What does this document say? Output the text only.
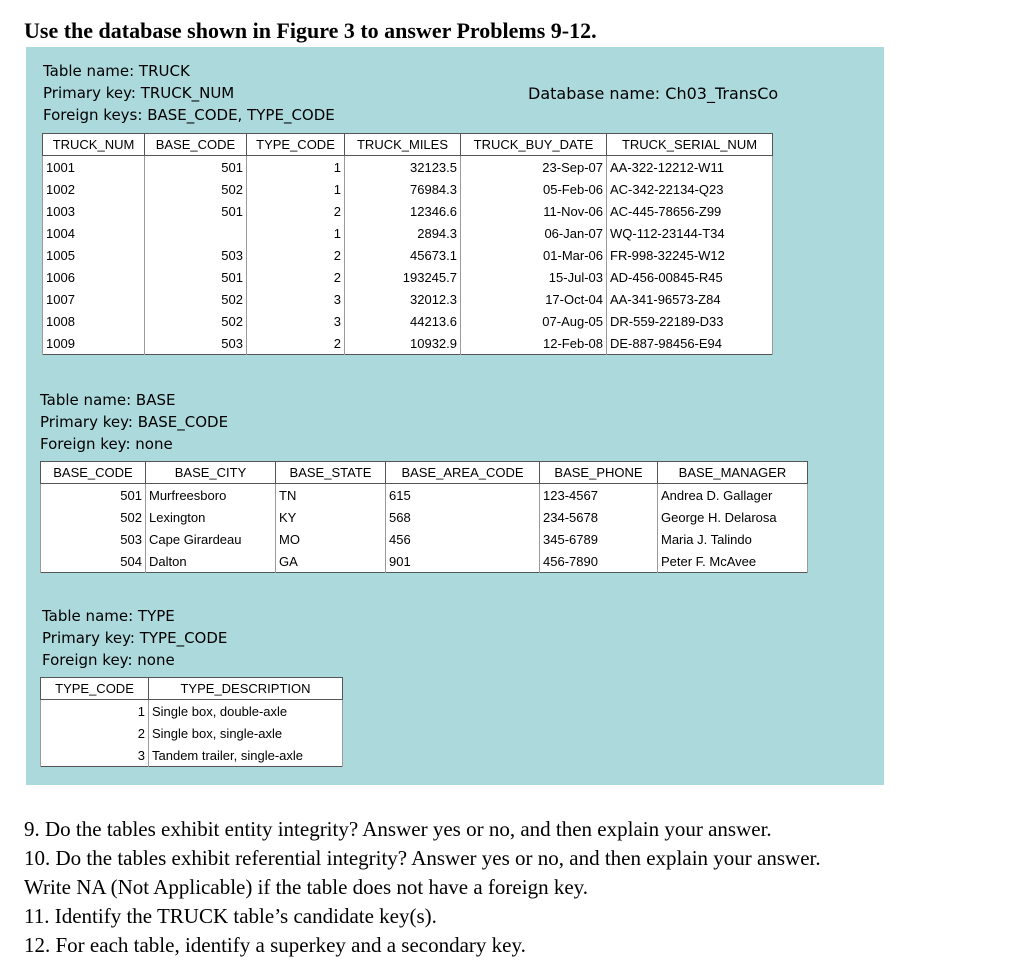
Use the database shown in Figure 3 to answer Problems 9-12.
Table name: TRUCK
Primary key: TRUCK_NUM
Foreign keys: BASE_CODE, TYPE_CODE
Database name: Ch03_TransCo
TRUCK_NUM	BASE_CODE	TYPE_CODE	TRUCK_MILES	TRUCK_BUY_DATE	TRUCK_SERIAL_NUM
1001	501	1	32123.5	23-Sep-07	AA-322-12212-W11
1002	502	1	76984.3	05-Feb-06	AC-342-22134-Q23
1003	501	2	12346.6	11-Nov-06	AC-445-78656-Z99
1004		1	2894.3	06-Jan-07	WQ-112-23144-T34
1005	503	2	45673.1	01-Mar-06	FR-998-32245-W12
1006	501	2	193245.7	15-Jul-03	AD-456-00845-R45
1007	502	3	32012.3	17-Oct-04	AA-341-96573-Z84
1008	502	3	44213.6	07-Aug-05	DR-559-22189-D33
1009	503	2	10932.9	12-Feb-08	DE-887-98456-E94
Table name: BASE
Primary key: BASE_CODE
Foreign key: none
BASE_CODE	BASE_CITY	BASE_STATE	BASE_AREA_CODE	BASE_PHONE	BASE_MANAGER
501	Murfreesboro	TN	615	123-4567	Andrea D. Gallager
502	Lexington	KY	568	234-5678	George H. Delarosa
503	Cape Girardeau	MO	456	345-6789	Maria J. Talindo
504	Dalton	GA	901	456-7890	Peter F. McAvee
Table name: TYPE
Primary key: TYPE_CODE
Foreign key: none
TYPE_CODE	TYPE_DESCRIPTION
1	Single box, double-axle
2	Single box, single-axle
3	Tandem trailer, single-axle
9. Do the tables exhibit entity integrity? Answer yes or no, and then explain your answer.
10. Do the tables exhibit referential integrity? Answer yes or no, and then explain your answer.
Write NA (Not Applicable) if the table does not have a foreign key.
11. Identify the TRUCK table’s candidate key(s).
12. For each table, identify a superkey and a secondary key.
